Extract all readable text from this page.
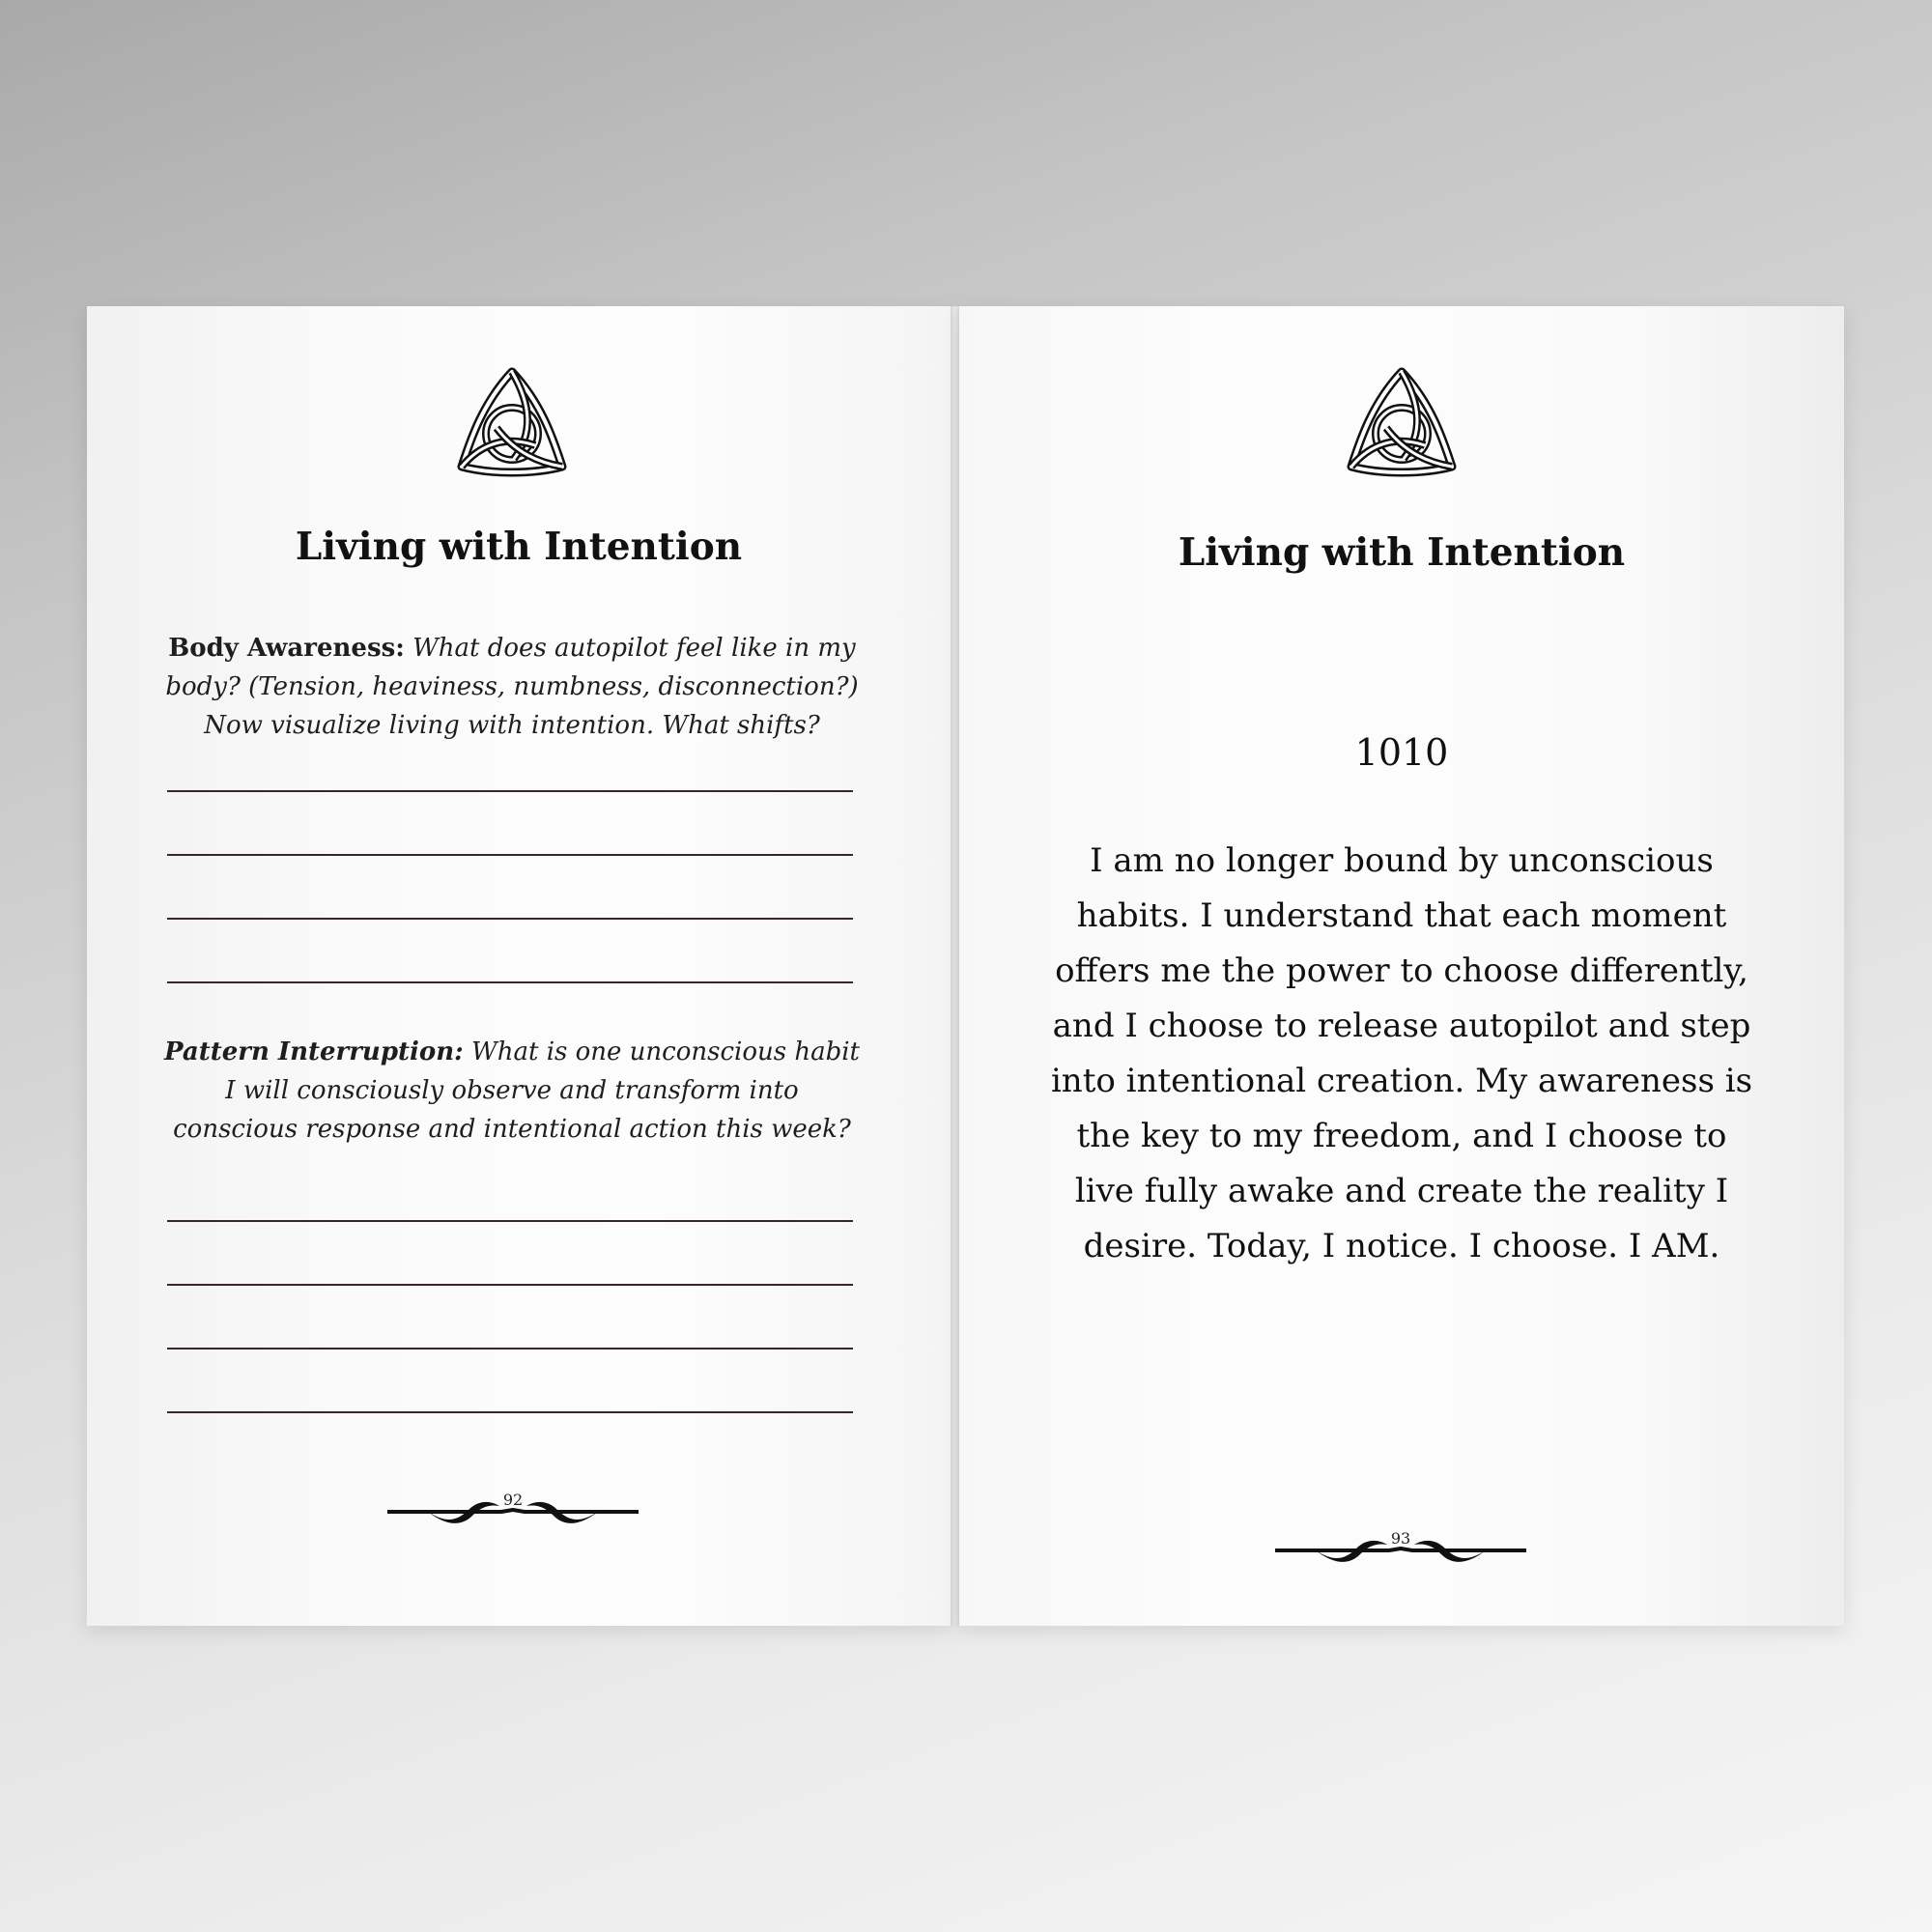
Living with Intention
Body Awareness: What does autopilot feel like in my body? (Tension, heaviness, numbness, disconnection?) Now visualize living with intention. What shifts?
Pattern Interruption: What is one unconscious habit I will consciously observe and transform into conscious response and intentional action this week?
92
Living with Intention
1010

I am no longer bound by unconscious habits. I understand that each moment offers me the power to choose differently, and I choose to release autopilot and step into intentional creation. My awareness is the key to my freedom, and I choose to live fully awake and create the reality I desire. Today, I notice. I choose. I AM.

93
